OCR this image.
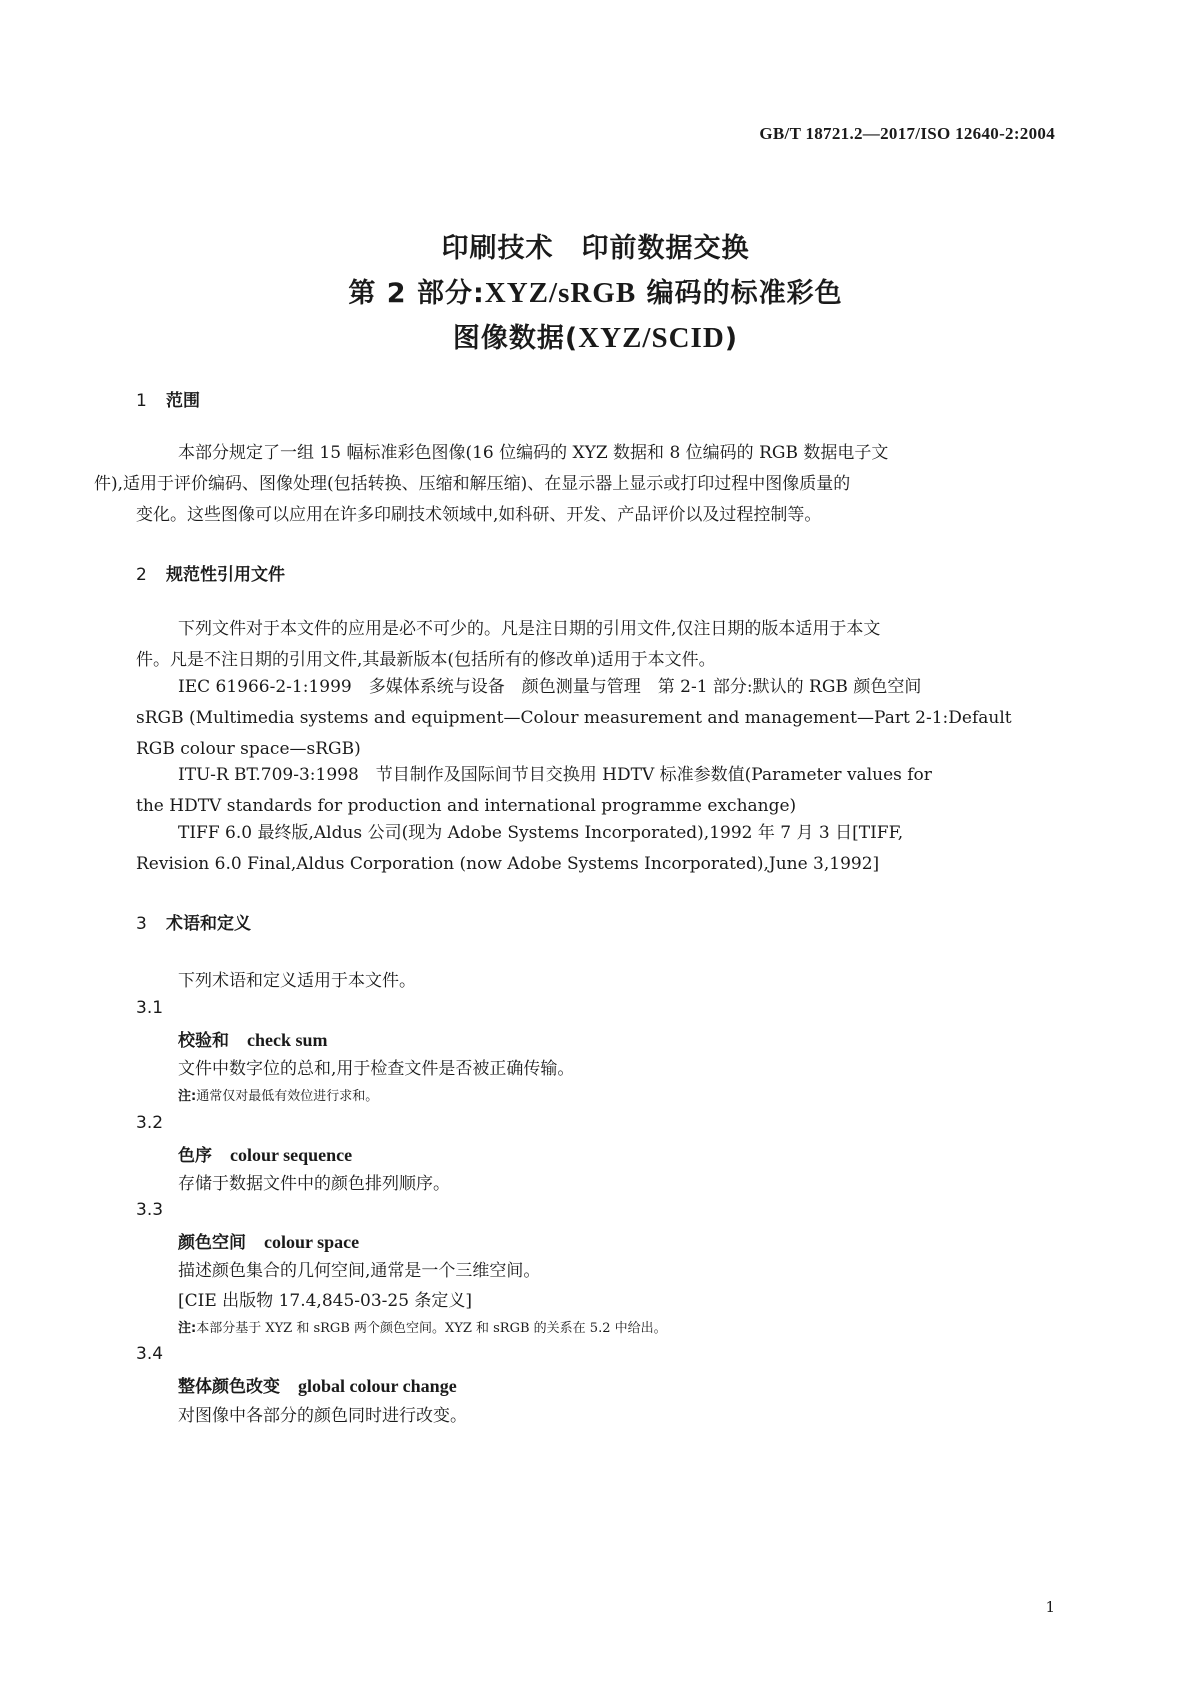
GB/T 18721.2—2017/ISO 12640-2:2004
印刷技术　印前数据交换
第 2 部分:XYZ/sRGB 编码的标准彩色
图像数据(XYZ/SCID)
1 范围
本部分规定了一组 15 幅标准彩色图像(16 位编码的 XYZ 数据和 8 位编码的 RGB 数据电子文
件),适用于评价编码、图像处理(包括转换、压缩和解压缩)、在显示器上显示或打印过程中图像质量的
变化。这些图像可以应用在许多印刷技术领域中,如科研、开发、产品评价以及过程控制等。
2 规范性引用文件
下列文件对于本文件的应用是必不可少的。凡是注日期的引用文件,仅注日期的版本适用于本文
件。凡是不注日期的引用文件,其最新版本(包括所有的修改单)适用于本文件。
IEC 61966-2-1:1999　多媒体系统与设备　颜色测量与管理　第 2-1 部分:默认的 RGB 颜色空间
sRGB (Multimedia systems and equipment—Colour measurement and management—Part 2-1:Default
RGB colour space—sRGB)
ITU-R BT.709-3:1998　节目制作及国际间节目交换用 HDTV 标准参数值(Parameter values for
the HDTV standards for production and international programme exchange)
TIFF 6.0 最终版,Aldus 公司(现为 Adobe Systems Incorporated),1992 年 7 月 3 日[TIFF,
Revision 6.0 Final,Aldus Corporation (now Adobe Systems Incorporated),June 3,1992]
3 术语和定义
下列术语和定义适用于本文件。
3.1
校验和 check sum
文件中数字位的总和,用于检查文件是否被正确传输。
注:通常仅对最低有效位进行求和。
3.2
色序 colour sequence
存储于数据文件中的颜色排列顺序。
3.3
颜色空间 colour space
描述颜色集合的几何空间,通常是一个三维空间。
[CIE 出版物 17.4,845-03-25 条定义]
注:本部分基于 XYZ 和 sRGB 两个颜色空间。XYZ 和 sRGB 的关系在 5.2 中给出。
3.4
整体颜色改变 global colour change
对图像中各部分的颜色同时进行改变。
1
